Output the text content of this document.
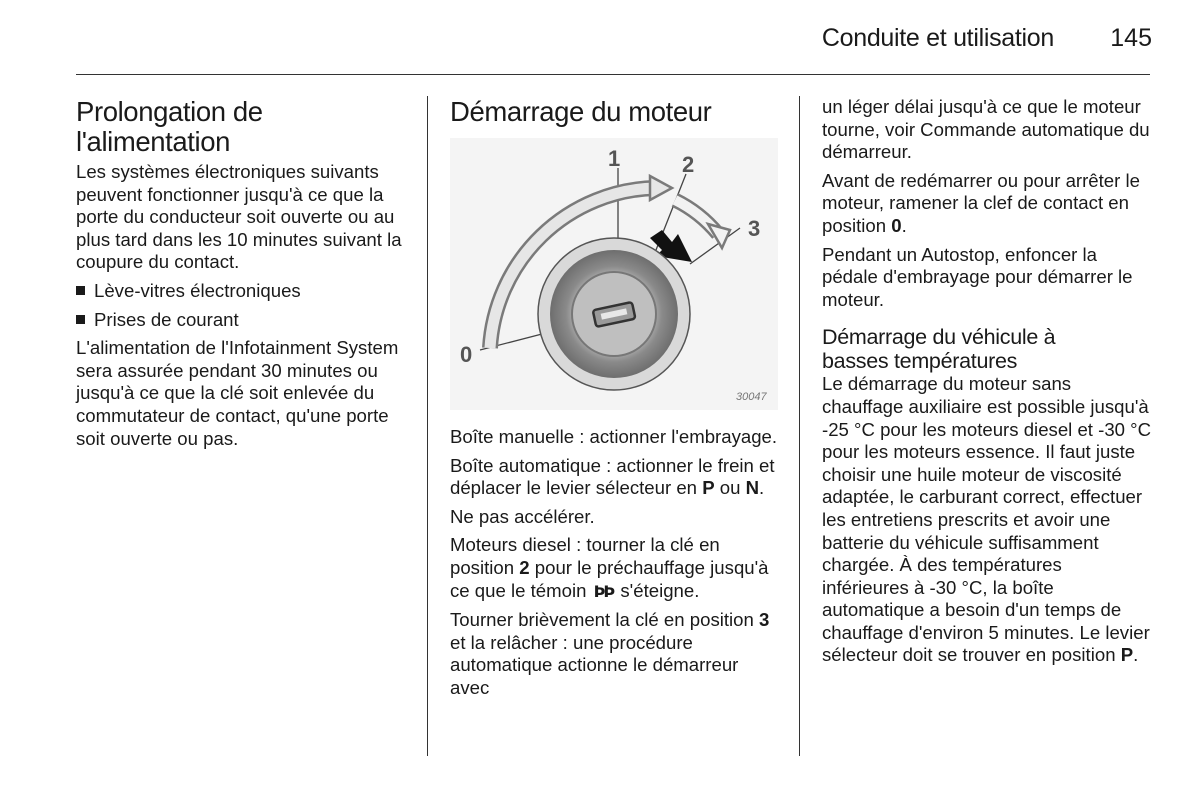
Conduite et utilisation 145
Prolongation de l'alimentation

Les systèmes électroniques suivants peuvent fonctionner jusqu'à ce que la porte du conducteur soit ouverte ou au plus tard dans les 10 minutes suivant la coupure du contact.

Lève-vitres électroniques
Prises de courant

L'alimentation de l'Infotainment System sera assurée pendant 30 minutes ou jusqu'à ce que la clé soit enlevée du commutateur de contact, qu'une porte soit ouverte ou pas.

Démarrage du moteur
1	2
3
0
30047

Boîte manuelle : actionner l'embrayage.

Boîte automatique : actionner le frein et déplacer le levier sélecteur en P ou N.

Ne pas accélérer.

Moteurs diesel : tourner la clé en position 2 pour le préchauffage jusqu'à ce que le témoin ÞÞ s'éteigne.

Tourner brièvement la clé en position 3 et la relâcher : une procédure automatique actionne le démarreur avec

un léger délai jusqu'à ce que le moteur tourne, voir Commande automatique du démarreur.

Avant de redémarrer ou pour arrêter le moteur, ramener la clef de contact en position 0.

Pendant un Autostop, enfoncer la pédale d'embrayage pour démarrer le moteur.

Démarrage du véhicule à basses températures

Le démarrage du moteur sans chauffage auxiliaire est possible jusqu'à -25 °C pour les moteurs diesel et -30 °C pour les moteurs essence. Il faut juste choisir une huile moteur de viscosité adaptée, le carburant correct, effectuer les entretiens prescrits et avoir une batterie du véhicule suffisamment chargée. À des températures inférieures à -30 °C, la boîte automatique a besoin d'un temps de chauffage d'environ 5 minutes. Le levier sélecteur doit se trouver en position P.
